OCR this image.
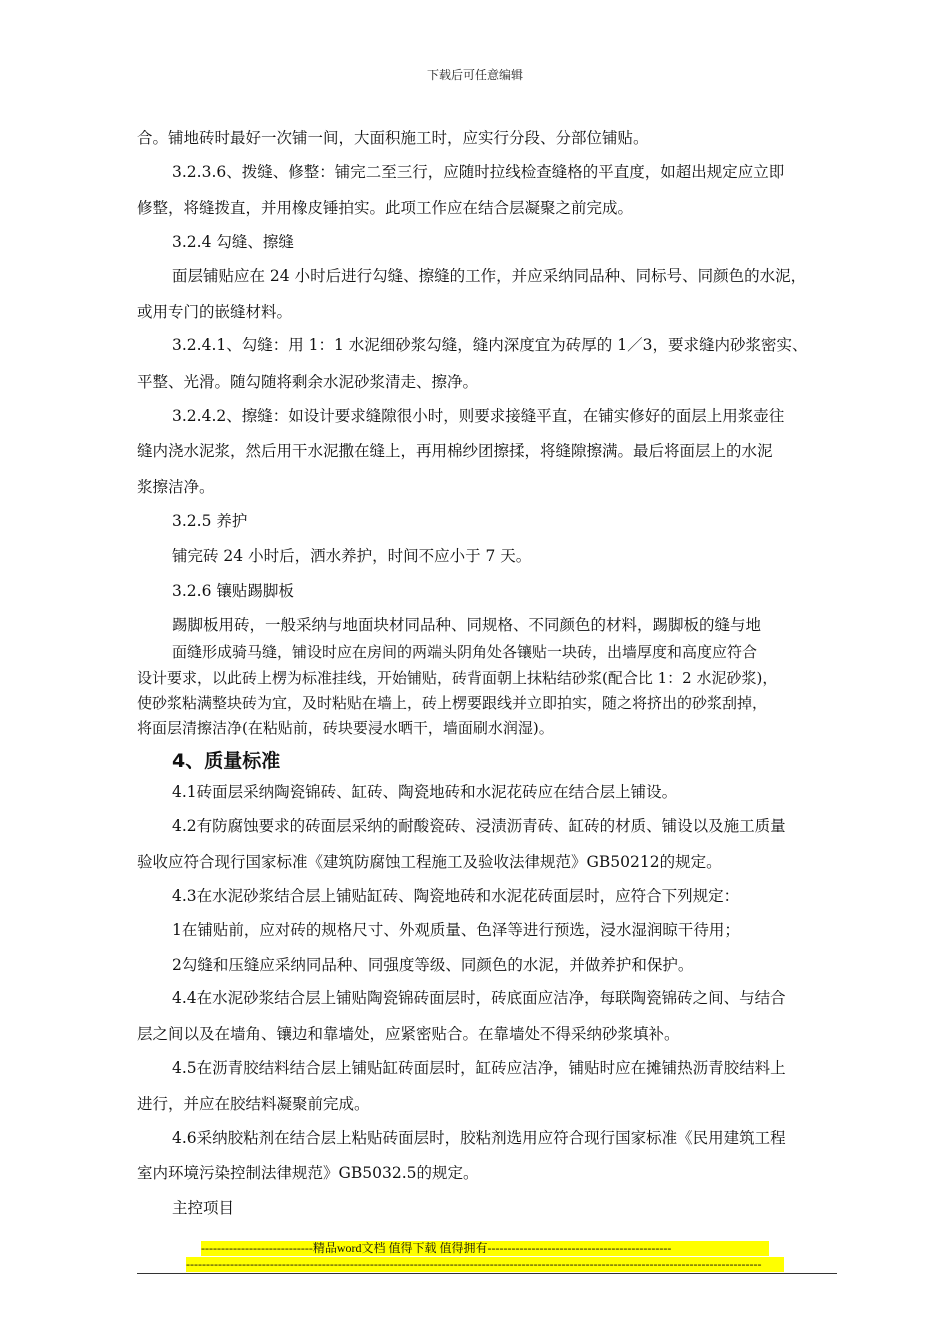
下载后可任意编辑
合。铺地砖时最好一次铺一间，大面积施工时，应实行分段、分部位铺贴。
3.2.3.6、拨缝、修整：铺完二至三行，应随时拉线检查缝格的平直度，如超出规定应立即
修整，将缝拨直，并用橡皮锤拍实。此项工作应在结合层凝聚之前完成。
3.2.4 勾缝、擦缝
面层铺贴应在 24 小时后进行勾缝、擦缝的工作，并应采纳同品种、同标号、同颜色的水泥，
或用专门的嵌缝材料。
3.2.4.1、勾缝：用 1：1 水泥细砂浆勾缝，缝内深度宜为砖厚的 1／3，要求缝内砂浆密实、
平整、光滑。随勾随将剩余水泥砂浆清走、擦净。
3.2.4.2、擦缝：如设计要求缝隙很小时，则要求接缝平直，在铺实修好的面层上用浆壶往
缝内浇水泥浆，然后用干水泥撒在缝上，再用棉纱团擦揉，将缝隙擦满。最后将面层上的水泥
浆擦洁净。
3.2.5 养护
铺完砖 24 小时后，洒水养护，时间不应小于 7 天。
3.2.6 镶贴踢脚板
踢脚板用砖，一般采纳与地面块材同品种、同规格、不同颜色的材料，踢脚板的缝与地
面缝形成骑马缝，铺设时应在房间的两端头阴角处各镶贴一块砖，出墙厚度和高度应符合
设计要求，以此砖上楞为标准挂线，开始铺贴，砖背面朝上抹粘结砂浆(配合比 1：2 水泥砂浆)，
使砂浆粘满整块砖为宜，及时粘贴在墙上，砖上楞要跟线并立即拍实，随之将挤出的砂浆刮掉，
将面层清擦洁净(在粘贴前，砖块要浸水晒干，墙面刷水润湿)。
4、质量标准
4.1砖面层采纳陶瓷锦砖、缸砖、陶瓷地砖和水泥花砖应在结合层上铺设。
4.2有防腐蚀要求的砖面层采纳的耐酸瓷砖、浸渍沥青砖、缸砖的材质、铺设以及施工质量
验收应符合现行国家标准《建筑防腐蚀工程施工及验收法律规范》GB50212的规定。
4.3在水泥砂浆结合层上铺贴缸砖、陶瓷地砖和水泥花砖面层时，应符合下列规定：
1在铺贴前，应对砖的规格尺寸、外观质量、色泽等进行预选，浸水湿润晾干待用；
2勾缝和压缝应采纳同品种、同强度等级、同颜色的水泥，并做养护和保护。
4.4在水泥砂浆结合层上铺贴陶瓷锦砖面层时，砖底面应洁净，每联陶瓷锦砖之间、与结合
层之间以及在墙角、镶边和靠墙处，应紧密贴合。在靠墙处不得采纳砂浆填补。
4.5在沥青胶结料结合层上铺贴缸砖面层时，缸砖应洁净，铺贴时应在摊铺热沥青胶结料上
进行，并应在胶结料凝聚前完成。
4.6采纳胶粘剂在结合层上粘贴砖面层时，胶粘剂选用应符合现行国家标准《民用建筑工程
室内环境污染控制法律规范》GB5032.5的规定。
主控项目
----------------------------精品word文档 值得下载 值得拥有----------------------------------------------
------------------------------------------------------------------------------------------------------------------------------------------------
